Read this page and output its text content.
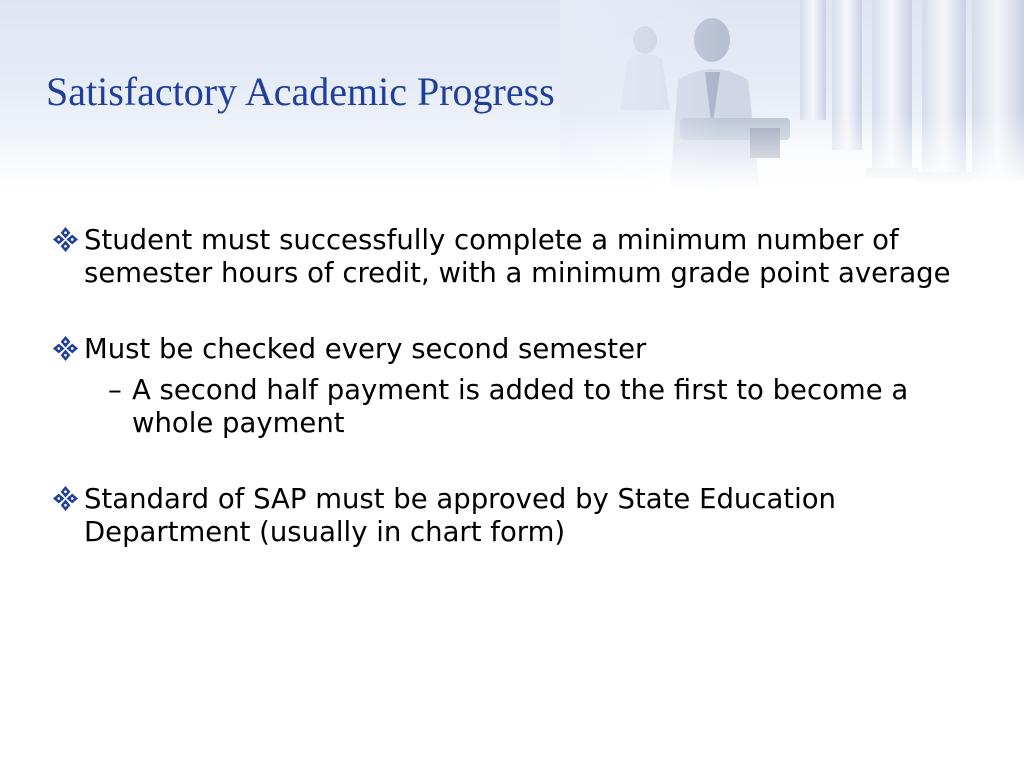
Satisfactory Academic Progress
Student must successfully complete a minimum number of semester hours of credit, with a minimum grade point average
Must be checked every second semester
– A second half payment is added to the first to become a whole payment
Standard of SAP must be approved by State Education Department (usually in chart form)
